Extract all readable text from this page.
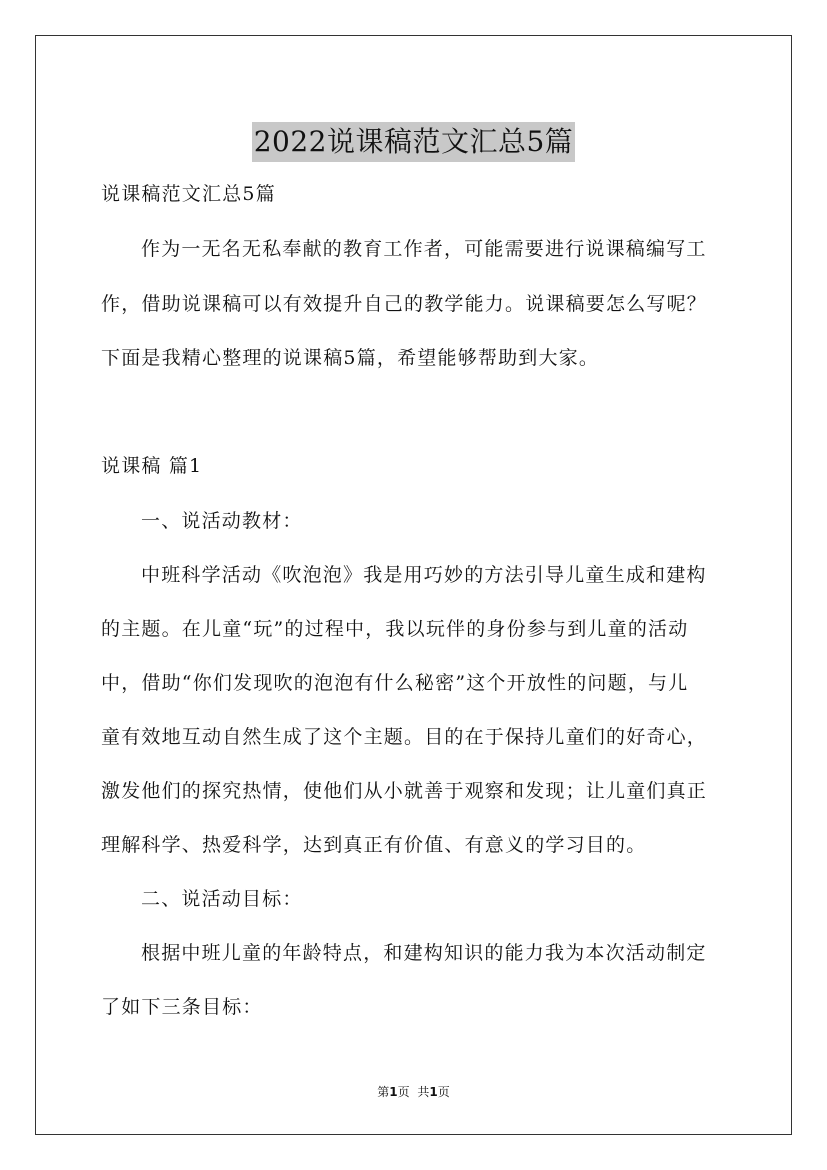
2022说课稿范文汇总5篇
说课稿范文汇总5篇
作为一无名无私奉献的教育工作者，可能需要进行说课稿编写工
作，借助说课稿可以有效提升自己的教学能力。说课稿要怎么写呢？
下面是我精心整理的说课稿5篇，希望能够帮助到大家。
说课稿 篇1
一、说活动教材：
中班科学活动《吹泡泡》我是用巧妙的方法引导儿童生成和建构
的主题。在儿童“玩”的过程中，我以玩伴的身份参与到儿童的活动
中，借助“你们发现吹的泡泡有什么秘密”这个开放性的问题，与儿
童有效地互动自然生成了这个主题。目的在于保持儿童们的好奇心，
激发他们的探究热情，使他们从小就善于观察和发现；让儿童们真正
理解科学、热爱科学，达到真正有价值、有意义的学习目的。
二、说活动目标：
根据中班儿童的年龄特点，和建构知识的能力我为本次活动制定
了如下三条目标：
第1页 共1页
